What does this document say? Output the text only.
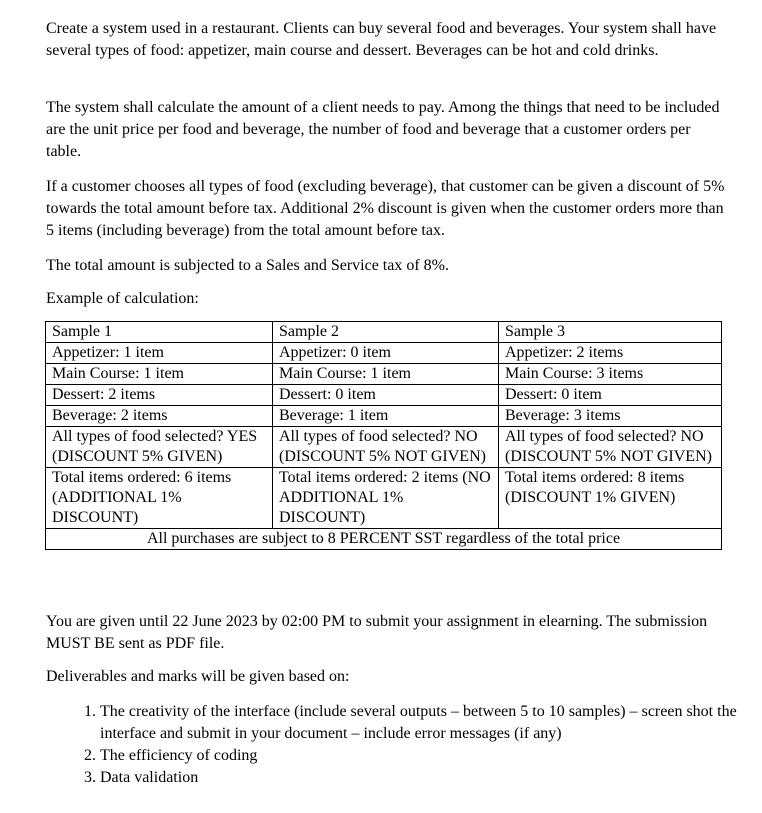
Create a system used in a restaurant. Clients can buy several food and beverages. Your system shall have several types of food: appetizer, main course and dessert. Beverages can be hot and cold drinks.

The system shall calculate the amount of a client needs to pay. Among the things that need to be included are the unit price per food and beverage, the number of food and beverage that a customer orders per table.

If a customer chooses all types of food (excluding beverage), that customer can be given a discount of 5% towards the total amount before tax. Additional 2% discount is given when the customer orders more than 5 items (including beverage) from the total amount before tax.

The total amount is subjected to a Sales and Service tax of 8%.

Example of calculation:

Sample 1	Sample 2	Sample 3
Appetizer: 1 item	Appetizer: 0 item	Appetizer: 2 items
Main Course: 1 item	Main Course: 1 item	Main Course: 3 items
Dessert: 2 items	Dessert: 0 item	Dessert: 0 item
Beverage: 2 items	Beverage: 1 item	Beverage: 3 items
All types of food selected? YES (DISCOUNT 5% GIVEN)	All types of food selected? NO (DISCOUNT 5% NOT GIVEN)	All types of food selected? NO (DISCOUNT 5% NOT GIVEN)
Total items ordered: 6 items (ADDITIONAL 1% DISCOUNT)	Total items ordered: 2 items (NO ADDITIONAL 1% DISCOUNT)	Total items ordered: 8 items (DISCOUNT 1% GIVEN)
All purchases are subject to 8 PERCENT SST regardless of the total price		

You are given until 22 June 2023 by 02:00 PM to submit your assignment in elearning. The submission MUST BE sent as PDF file.

Deliverables and marks will be given based on:

1. The creativity of the interface (include several outputs – between 5 to 10 samples) – screen shot the interface and submit in your document – include error messages (if any)
2. The efficiency of coding
3. Data validation
